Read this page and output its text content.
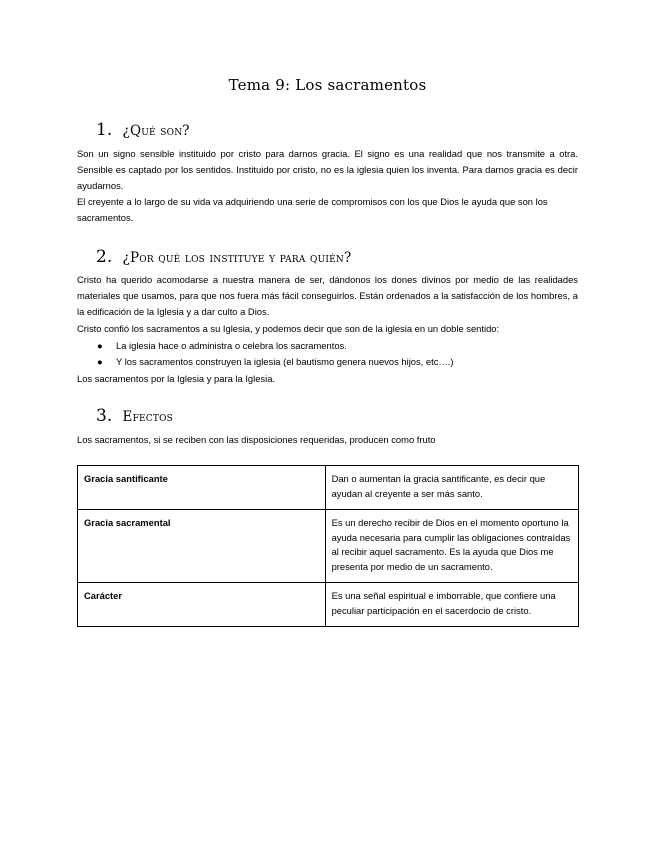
Tema 9: Los sacramentos
1. ¿Qué son?
Son un signo sensible instituido por cristo para darnos gracia. El signo es una realidad que nos transmite a otra. Sensible es captado por los sentidos. Instituido por cristo, no es la iglesia quien los inventa. Para darnos gracia es decir ayudarnos.
El creyente a lo largo de su vida va adquiriendo una serie de compromisos con los que Dios le ayuda que son los sacramentos.
2. ¿Por qué los instituye y para quién?
Cristo ha querido acomodarse a nuestra manera de ser, dándonos los dones divinos por medio de las realidades materiales que usamos, para que nos fuera más fácil conseguirlos. Están ordenados a la satisfacción de los hombres, a la edificación de la Iglesia y a dar culto a Dios.
Cristo confió los sacramentos a su Iglesia, y podemos decir que son de la iglesia en un doble sentido:
● La iglesia hace o administra o celebra los sacramentos.
● Y los sacramentos construyen la iglesia (el bautismo genera nuevos hijos, etc….)
Los sacramentos por la Iglesia y para la Iglesia.
3. Efectos
Los sacramentos, si se reciben con las disposiciones requeridas, producen como fruto
Gracia santificante	Dan o aumentan la gracia santificante, es decir que ayudan al creyente a ser más santo.
Gracia sacramental	Es un derecho recibir de Dios en el momento oportuno la ayuda necesaria para cumplir las obligaciones contraídas al recibir aquel sacramento. Es la ayuda que Dios me presenta por medio de un sacramento.
Carácter	Es una señal espiritual e imborrable, que confiere una peculiar participación en el sacerdocio de cristo.
